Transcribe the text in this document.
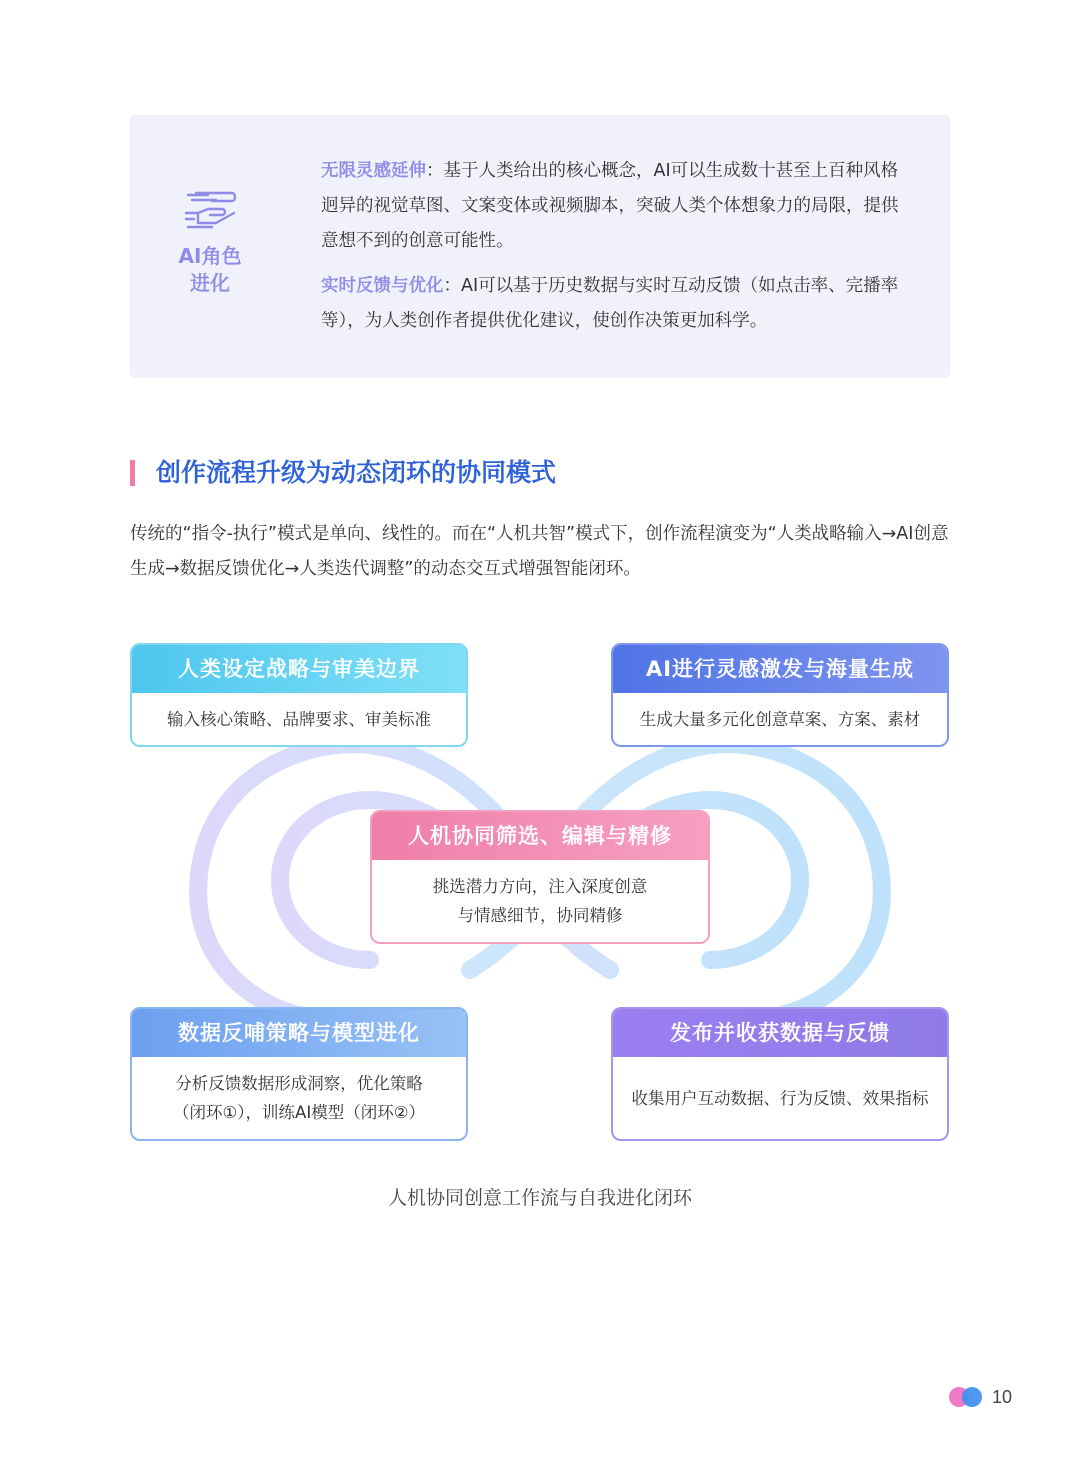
AI角色
进化
无限灵感延伸：基于人类给出的核心概念，AI可以生成数十甚至上百种风格迥异的视觉草图、文案变体或视频脚本，突破人类个体想象力的局限，提供意想不到的创意可能性。
实时反馈与优化：AI可以基于历史数据与实时互动反馈（如点击率、完播率等），为人类创作者提供优化建议，使创作决策更加科学。
创作流程升级为动态闭环的协同模式
传统的“指令-执行”模式是单向、线性的。而在“人机共智”模式下，创作流程演变为“人类战略输入→AI创意生成→数据反馈优化→人类迭代调整”的动态交互式增强智能闭环。
人类设定战略与审美边界
输入核心策略、品牌要求、审美标准
AI进行灵感激发与海量生成
生成大量多元化创意草案、方案、素材
人机协同筛选、编辑与精修
挑选潜力方向，注入深度创意
与情感细节，协同精修
数据反哺策略与模型进化
分析反馈数据形成洞察，优化策略
（闭环①），训练AI模型（闭环②）
发布并收获数据与反馈
收集用户互动数据、行为反馈、效果指标
人机协同创意工作流与自我进化闭环
10
